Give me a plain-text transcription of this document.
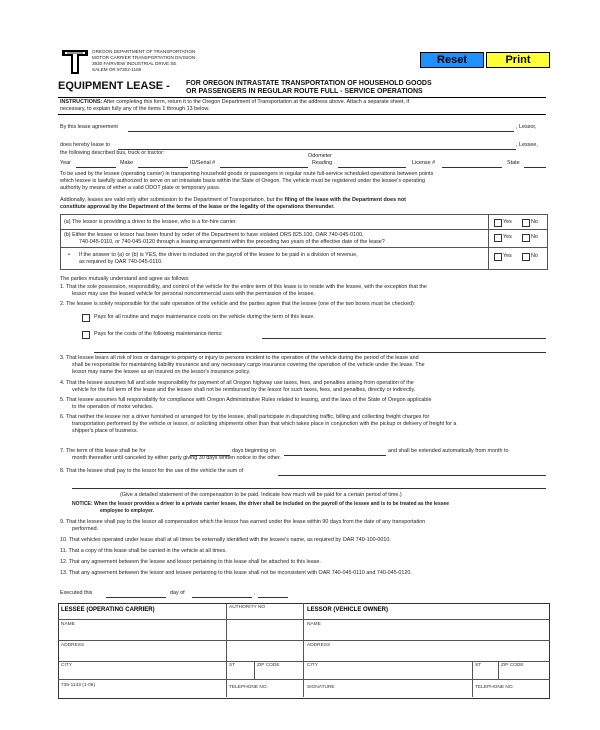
OREGON DEPARTMENT OF TRANSPORTATION
MOTOR CARRIER TRANSPORTATION DIVISION
3930 FAIRVIEW INDUSTRIAL DRIVE SE
SALEM OR 97302-1166
Reset	Print
EQUIPMENT LEASE - FOR OREGON INTRASTATE TRANSPORTATION OF HOUSEHOLD GOODS
OR PASSENGERS IN REGULAR ROUTE FULL - SERVICE OPERATIONS
INSTRUCTIONS: After completing this form, return it to the Oregon Department of Transportation at the address above. Attach a separate sheet, if
necessary, to explain fully any of the items 1 through 13 below.
By this lease agreement	, Lessor,
does hereby lease to	, Lessee,
the following described bus, truck or tractor:	Odometer
Year	Make	ID/Serial #	Reading	License #	State
To be used by the lessee (operating carrier) in transporting household goods or passengers in regular route full-service scheduled operations between points
which lessee is lawfully authorized to serve on an intrastate basis within the State of Oregon. The vehicle must be registered under the lessee's operating
authority by means of either a valid ODOT plate or temporary pass.
Addionally, leases are valid only after submission to the Department of Transportation, but the filing of the lease with the Department does not
constitute approval by the Department of the terms of the lease or the legality of the operations thereunder.
(a) The lessor is providing a driver to the lessee, who is a for-hire carrier.	Yes	No
(b) Either the lessee or lessor has been found by order of the Department to have violated ORS 825.100, OAR 740-045-0100,
740-045-0110, or 740-045-0120 through a leasing arrangement within the preceding two years of the effective date of the lease?
Yes	No
• If the answer to (a) or (b) is YES, the driver is included on the payroll of the lessee to be paid in a division of revenue,
as required by OAR 740-045-0110.
Yes	No
The parties mutually understand and agree as follows:
1. That the sole possession, responsibility, and control of the vehicle for the entire term of this lease is to reside with the lessee, with the exception that the
lessor may use the leased vehicle for personal noncommercial uses with the permission of the lessee.
2. The lessee is solely responsible for the safe operation of the vehicle and the parties agree that the lessee (one of the two boxes must be checked):
Pays for all routine and major maintenance costs on the vehicle during the term of this lease.
Pays for the costs of the following maintenance items:
3. That lessee bears all risk of loss or damage to property or injury to persons incident to the operation of the vehicle during the period of the lease and
shall be responsible for maintaining liability insurance and any necessary cargo insurance covering the operation of the vehicle under the lease. The
lessor may name the lessee as an insured on the lessor's insurance policy.
4. That the lessee assumes full and sole responsibility for payment of all Oregon highway use taxes, fees, and penalties arising from operation of the
vehicle for the full term of the lease and the lessee shall not be reimbursed by the lessor for such taxes, fees, and penalties, directly or indirectly.
5. That lessee assumes full responsibility for compliance with Oregon Administrative Rules related to leasing, and the laws of the State of Oregon applicable
to the operation of motor vehicles.
6. That neither the lessee nor a driver furnished or arranged for by the lessee, shall participate in dispatching traffic, billing and collecting freight charges for
transportation performed by the vehicle or lessor, or soliciting shipments other than that which takes place in conjunction with the pickup or delivery of freight for a
shipper's place of business.
7. The term of this lease shall be for	days beginning on	and shall be extended automatically from month to
month thereafter until canceled by either party giving 30 days written notice to the other.
8. That the lessee shall pay to the lessor for the use of the vehicle the sum of
(Give a detailed statement of the compensation to be paid. Indicate how much will be paid for a certain period of time.)
NOTICE: When the lessor provides a driver to a private carrier lessee, the driver shall be included on the payroll of the lessee and is to be treated as the lessee
employee to employer.
9. That the lessee shall pay to the lessor all compensation which the lessor has earned under the lease within 90 days from the date of any transportation
performed.
10. That vehicles operated under lease shall at all times be externally identified with the lessee's name, as required by OAR 740-100-0010.
11. That a copy of this lease shall be carried in the vehicle at all times.
12. That any agreement between the lessee and lessor pertaining to this lease shall be attached to this lease.
13. That any agreement between the lessor and lessee pertaining to this lease shall not be inconsistent with OAR 740-045-0110 and 740-045-0120.
Executed this	day of	,
LESSEE (OPERATING CARRIER)	AUTHORITY NO	LESSOR (VEHICLE OWNER)
NAME	NAME
ADDRESS	ADDRESS
CITY	ST	ZIP CODE	CITY	ST	ZIP CODE
735-1143 (1-06)	TELEPHONE NO.	SIGNATURE	TELEPHONE NO.
